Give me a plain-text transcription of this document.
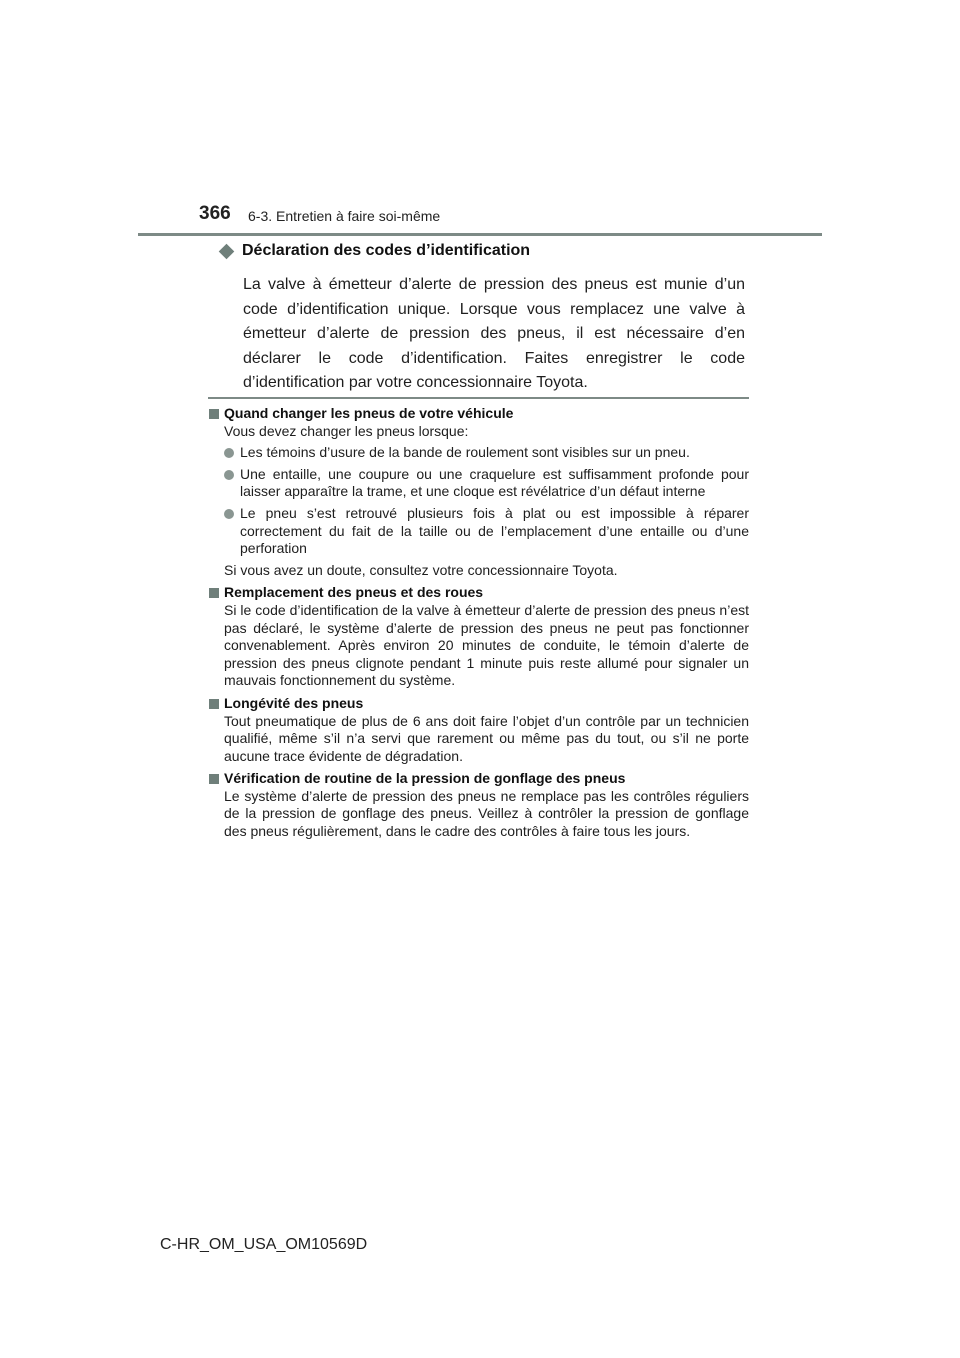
366 6-3. Entretien à faire soi-même
Déclaration des codes d’identification
La valve à émetteur d’alerte de pression des pneus est munie d’un code d’identification unique. Lorsque vous remplacez une valve à émetteur d’alerte de pression des pneus, il est nécessaire d’en déclarer le code d’identification. Faites enregistrer le code d’identification par votre concessionnaire Toyota.
Quand changer les pneus de votre véhicule

Vous devez changer les pneus lorsque:

Les témoins d’usure de la bande de roulement sont visibles sur un pneu.
Une entaille, une coupure ou une craquelure est suffisamment profonde pour laisser apparaître la trame, et une cloque est révélatrice d’un défaut interne
Le pneu s’est retrouvé plusieurs fois à plat ou est impossible à réparer correctement du fait de la taille ou de l’emplacement d’une entaille ou d’une perforation

Si vous avez un doute, consultez votre concessionnaire Toyota.

Remplacement des pneus et des roues

Si le code d’identification de la valve à émetteur d’alerte de pression des pneus n’est pas déclaré, le système d’alerte de pression des pneus ne peut pas fonctionner convenablement. Après environ 20 minutes de conduite, le témoin d’alerte de pression des pneus clignote pendant 1 minute puis reste allumé pour signaler un mauvais fonctionnement du système.

Longévité des pneus

Tout pneumatique de plus de 6 ans doit faire l’objet d’un contrôle par un technicien qualifié, même s’il n’a servi que rarement ou même pas du tout, ou s’il ne porte aucune trace évidente de dégradation.

Vérification de routine de la pression de gonflage des pneus

Le système d’alerte de pression des pneus ne remplace pas les contrôles réguliers de la pression de gonflage des pneus. Veillez à contrôler la pression de gonflage des pneus régulièrement, dans le cadre des contrôles à faire tous les jours.

C-HR_OM_USA_OM10569D
